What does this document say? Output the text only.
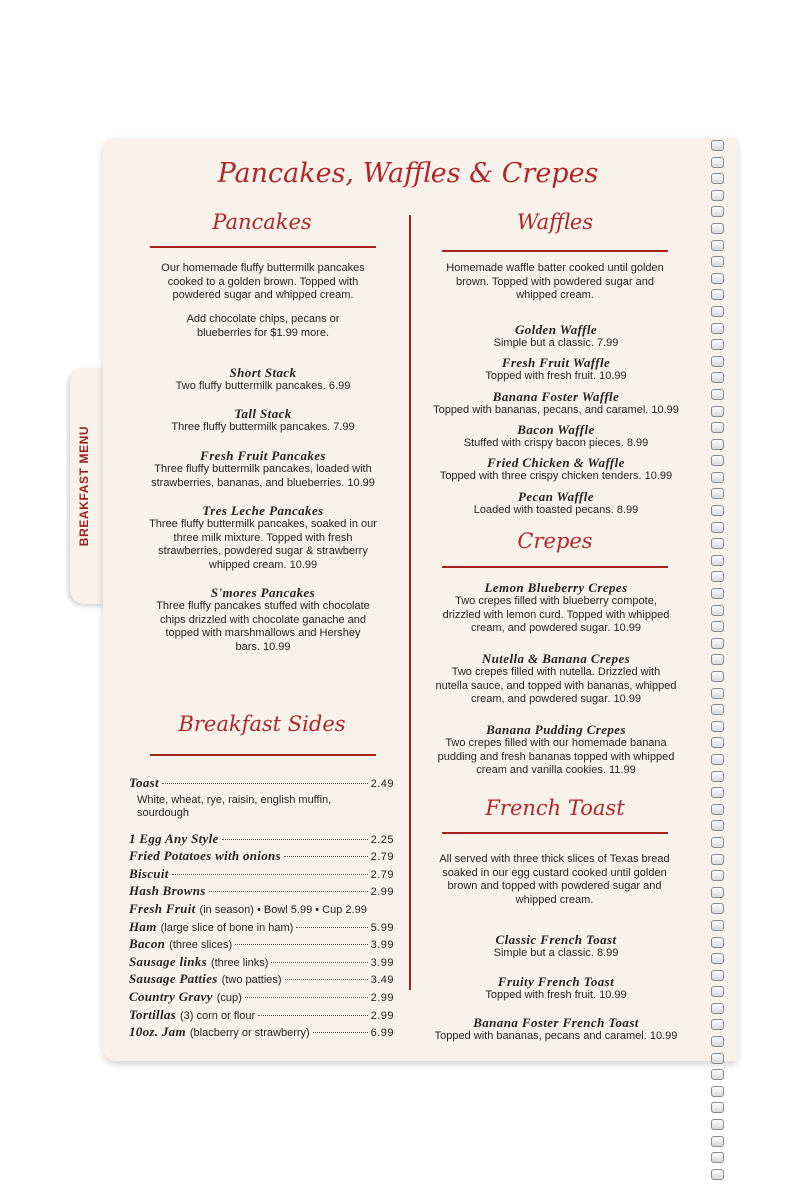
BREAKFAST MENU
Pancakes, Waffles & Crepes
Pancakes
Our homemade fluffy buttermilk pancakes
cooked to a golden brown. Topped with
powdered sugar and whipped cream.
Add chocolate chips, pecans or
blueberries for $1.99 more.
Short Stack
Two fluffy buttermilk pancakes. 6.99
Tall Stack
Three fluffy buttermilk pancakes. 7.99
Fresh Fruit Pancakes
Three fluffy buttermilk pancakes, loaded with
strawberries, bananas, and blueberries. 10.99
Tres Leche Pancakes
Three fluffy buttermilk pancakes, soaked in our
three milk mixture. Topped with fresh
strawberries, powdered sugar & strawberry
whipped cream. 10.99
S'mores Pancakes
Three fluffy pancakes stuffed with chocolate
chips drizzled with chocolate ganache and
topped with marshmallows and Hershey
bars. 10.99
Breakfast Sides
Toast	2.49
White, wheat, rye, raisin, english muffin,
sourdough
1 Egg Any Style	2.25
Fried Potatoes with onions	2.79
Biscuit	2.79
Hash Browns	2.99
Fresh Fruit (in season) • Bowl 5.99 • Cup 2.99
Ham (large slice of bone in ham)	5.99
Bacon (three slices)	3.99
Sausage links (three links)	3.99
Sausage Patties (two patties)	3.49
Country Gravy (cup)	2.99
Tortillas (3) corn or flour	2.99
10oz. Jam (blacberry or strawberry)	6.99
Waffles
Homemade waffle batter cooked until golden
brown. Topped with powdered sugar and
whipped cream.
Golden Waffle
Simple but a classic. 7.99
Fresh Fruit Waffle
Topped with fresh fruit. 10.99
Banana Foster Waffle
Topped with bananas, pecans, and caramel. 10.99
Bacon Waffle
Stuffed with crispy bacon pieces. 8.99
Fried Chicken & Waffle
Topped with three crispy chicken tenders. 10.99
Pecan Waffle
Loaded with toasted pecans. 8.99
Crepes
Lemon Blueberry Crepes
Two crepes filled with blueberry compote,
drizzled with lemon curd. Topped with whipped
cream, and powdered sugar. 10.99
Nutella & Banana Crepes
Two crepes filled with nutella. Drizzled with
nutella sauce, and topped with bananas, whipped
cream, and powdered sugar. 10.99
Banana Pudding Crepes
Two crepes filled with our homemade banana
pudding and fresh bananas topped with whipped
cream and vanilla cookies. 11.99
French Toast
All served with three thick slices of Texas bread
soaked in our egg custard cooked until golden
brown and topped with powdered sugar and
whipped cream.
Classic French Toast
Simple but a classic. 8.99
Fruity French Toast
Topped with fresh fruit. 10.99
Banana Foster French Toast
Topped with bananas, pecans and caramel. 10.99
